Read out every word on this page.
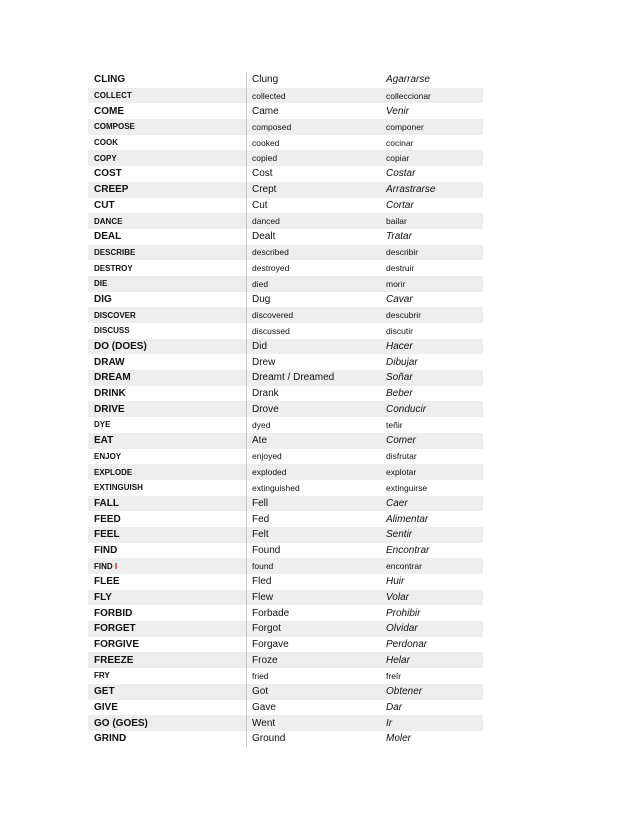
CLING	Clung	Agarrarse
COLLECT	collected	colleccionar
COME	Came	Venir
COMPOSE	composed	componer
COOK	cooked	cocinar
COPY	copied	copiar
COST	Cost	Costar
CREEP	Crept	Arrastrarse
CUT	Cut	Cortar
DANCE	danced	bailar
DEAL	Dealt	Tratar
DESCRIBE	described	describir
DESTROY	destroyed	destruir
DIE	died	morir
DIG	Dug	Cavar
DISCOVER	discovered	descubrir
DISCUSS	discussed	discutir
DO (DOES)	Did	Hacer
DRAW	Drew	Dibujar
DREAM	Dreamt / Dreamed	Soñar
DRINK	Drank	Beber
DRIVE	Drove	Conducir
DYE	dyed	teñir
EAT	Ate	Comer
ENJOY	enjoyed	disfrutar
EXPLODE	exploded	explotar
EXTINGUISH	extinguished	extinguirse
FALL	Fell	Caer
FEED	Fed	Alimentar
FEEL	Felt	Sentir
FIND	Found	Encontrar
FIND I	found	encontrar
FLEE	Fled	Huir
FLY	Flew	Volar
FORBID	Forbade	Prohibir
FORGET	Forgot	Olvidar
FORGIVE	Forgave	Perdonar
FREEZE	Froze	Helar
FRY	fried	freír
GET	Got	Obtener
GIVE	Gave	Dar
GO (GOES)	Went	Ir
GRIND	Ground	Moler
